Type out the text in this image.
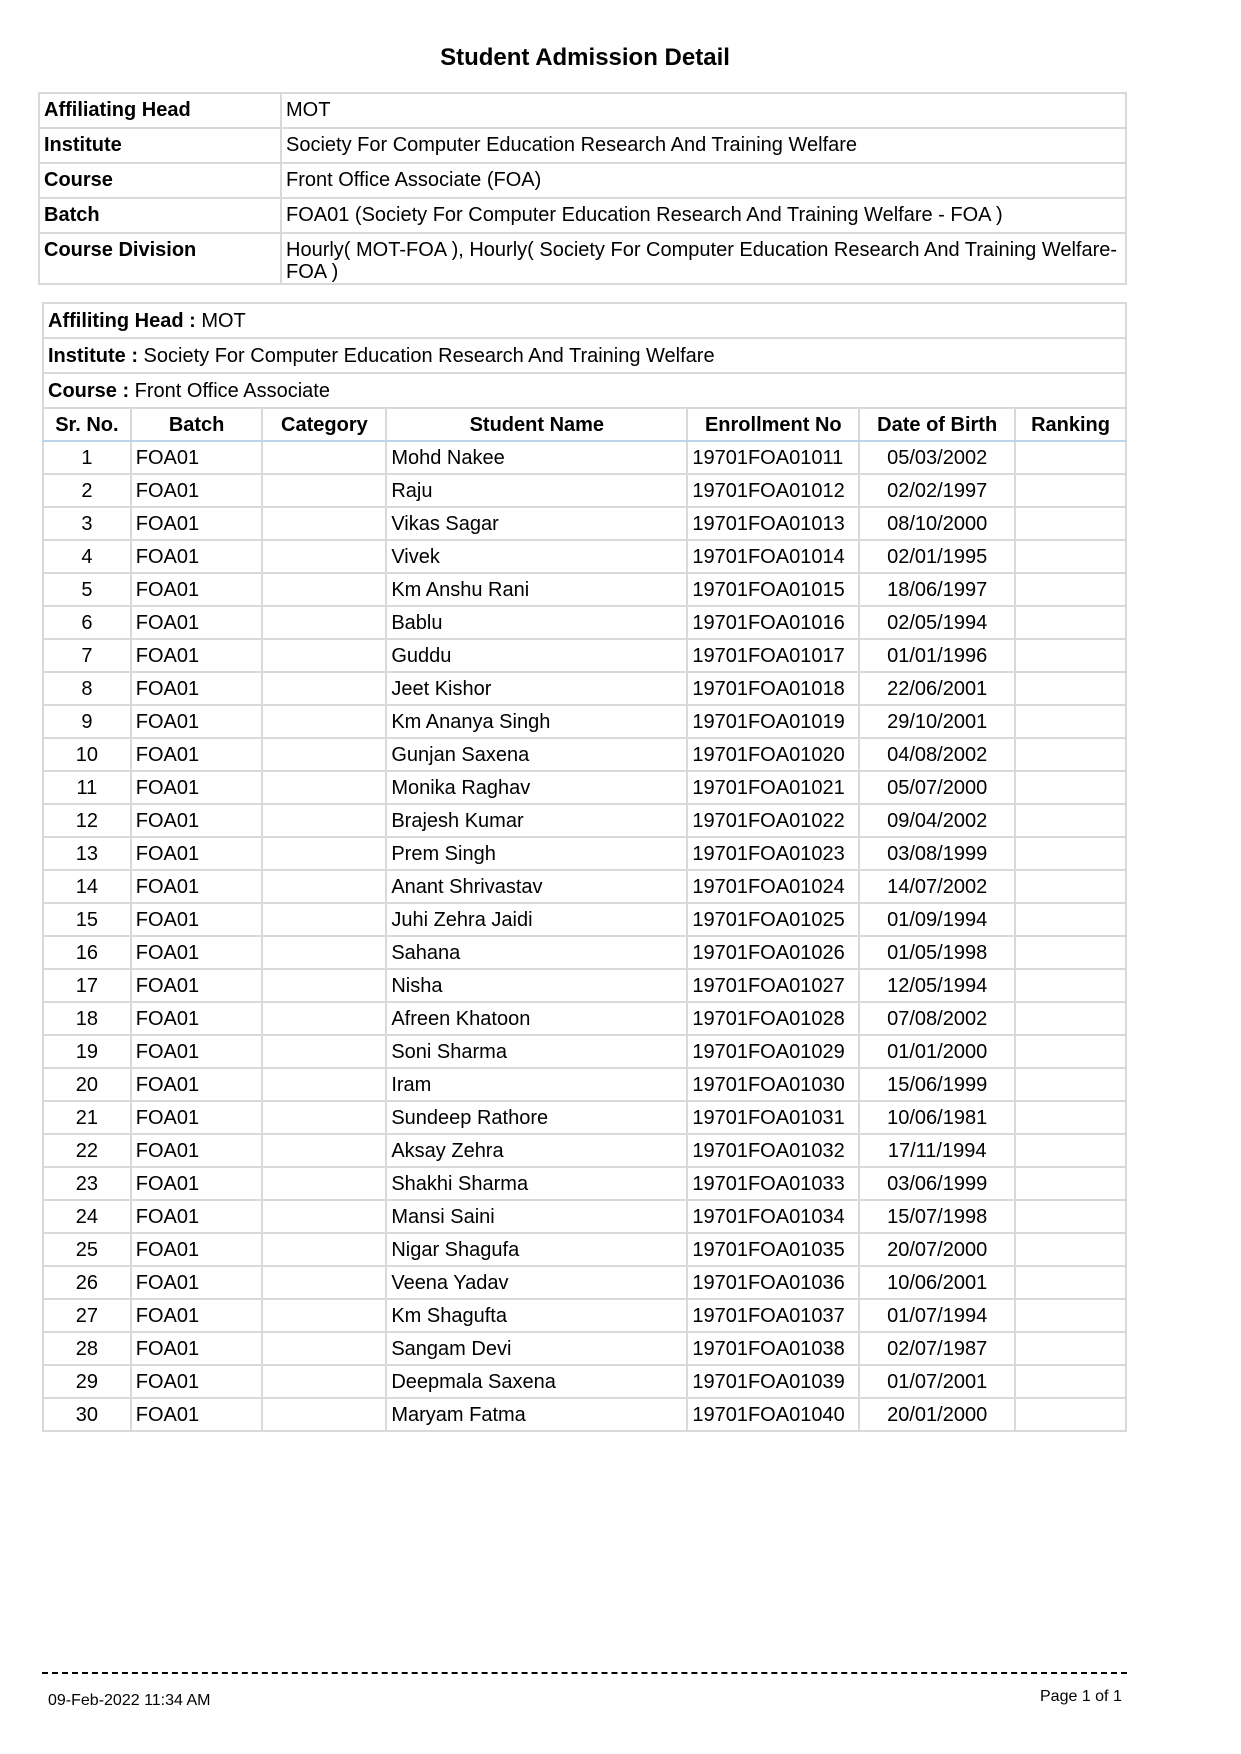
Student Admission Detail
Affiliating Head	MOT
Institute	Society For Computer Education Research And Training Welfare
Course	Front Office Associate (FOA)
Batch	FOA01 (Society For Computer Education Research And Training Welfare - FOA )
Course Division	Hourly( MOT-FOA ), Hourly( Society For Computer Education Research And Training Welfare-FOA )
Affiliting Head : MOT						
Institute : Society For Computer Education Research And Training Welfare						
Course : Front Office Associate						
Sr. No.	Batch	Category	Student Name	Enrollment No	Date of Birth	Ranking
1	FOA01		Mohd Nakee	19701FOA01011	05/03/2002	
2	FOA01		Raju	19701FOA01012	02/02/1997	
3	FOA01		Vikas Sagar	19701FOA01013	08/10/2000	
4	FOA01		Vivek	19701FOA01014	02/01/1995	
5	FOA01		Km Anshu Rani	19701FOA01015	18/06/1997	
6	FOA01		Bablu	19701FOA01016	02/05/1994	
7	FOA01		Guddu	19701FOA01017	01/01/1996	
8	FOA01		Jeet Kishor	19701FOA01018	22/06/2001	
9	FOA01		Km Ananya Singh	19701FOA01019	29/10/2001	
10	FOA01		Gunjan Saxena	19701FOA01020	04/08/2002	
11	FOA01		Monika Raghav	19701FOA01021	05/07/2000	
12	FOA01		Brajesh Kumar	19701FOA01022	09/04/2002	
13	FOA01		Prem Singh	19701FOA01023	03/08/1999	
14	FOA01		Anant Shrivastav	19701FOA01024	14/07/2002	
15	FOA01		Juhi Zehra Jaidi	19701FOA01025	01/09/1994	
16	FOA01		Sahana	19701FOA01026	01/05/1998	
17	FOA01		Nisha	19701FOA01027	12/05/1994	
18	FOA01		Afreen Khatoon	19701FOA01028	07/08/2002	
19	FOA01		Soni Sharma	19701FOA01029	01/01/2000	
20	FOA01		Iram	19701FOA01030	15/06/1999	
21	FOA01		Sundeep Rathore	19701FOA01031	10/06/1981	
22	FOA01		Aksay Zehra	19701FOA01032	17/11/1994	
23	FOA01		Shakhi Sharma	19701FOA01033	03/06/1999	
24	FOA01		Mansi Saini	19701FOA01034	15/07/1998	
25	FOA01		Nigar Shagufa	19701FOA01035	20/07/2000	
26	FOA01		Veena Yadav	19701FOA01036	10/06/2001	
27	FOA01		Km Shagufta	19701FOA01037	01/07/1994	
28	FOA01		Sangam Devi	19701FOA01038	02/07/1987	
29	FOA01		Deepmala Saxena	19701FOA01039	01/07/2001	
30	FOA01		Maryam Fatma	19701FOA01040	20/01/2000	
09-Feb-2022 11:34 AM	Page 1 of 1
